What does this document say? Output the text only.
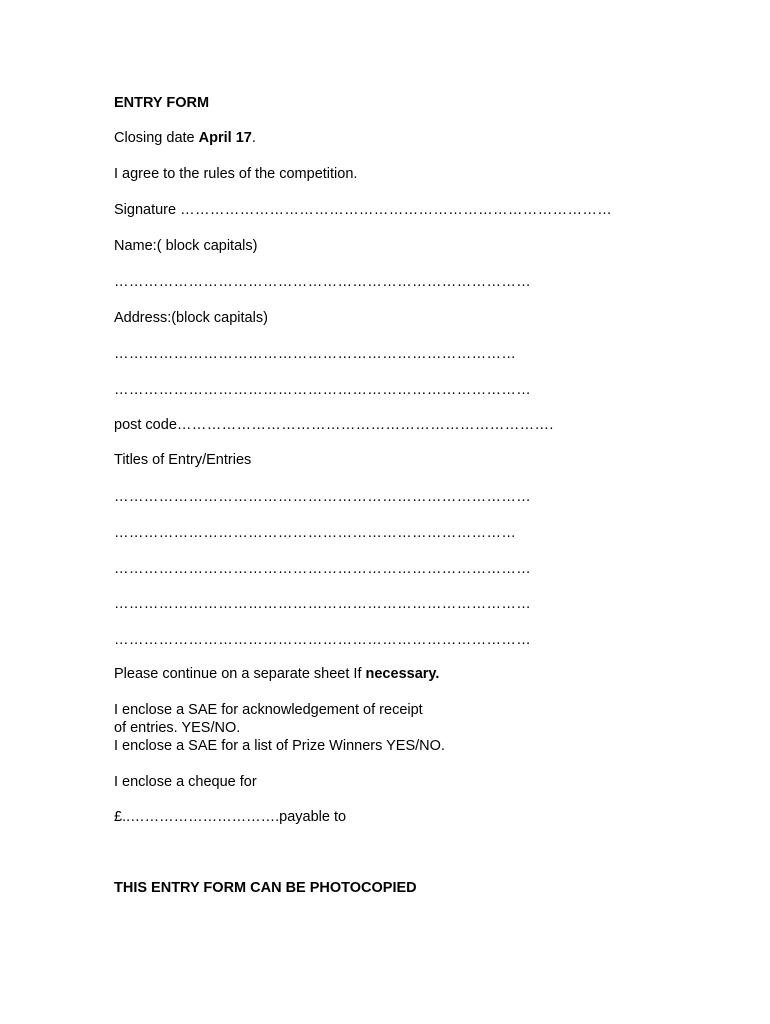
ENTRY FORM
Closing date April 17.
I agree to the rules of the competition.
Signature ……………………………………………………………………………
Name:( block capitals)
…………………………………………………………………………
Address:(block capitals)
………………………………………………………………………
…………………………………………………………………………
post code………………………………………………………………….
Titles of Entry/Entries
…………………………………………………………………………
………………………………………………………………………
…………………………………………………………………………
…………………………………………………………………………
…………………………………………………………………………
Please continue on a separate sheet If necessary.
I enclose a SAE for acknowledgement of receipt
of entries. YES/NO.
I enclose a SAE for a list of Prize Winners YES/NO.
I enclose a cheque for
£..………………………….payable to
THIS ENTRY FORM CAN BE PHOTOCOPIED
